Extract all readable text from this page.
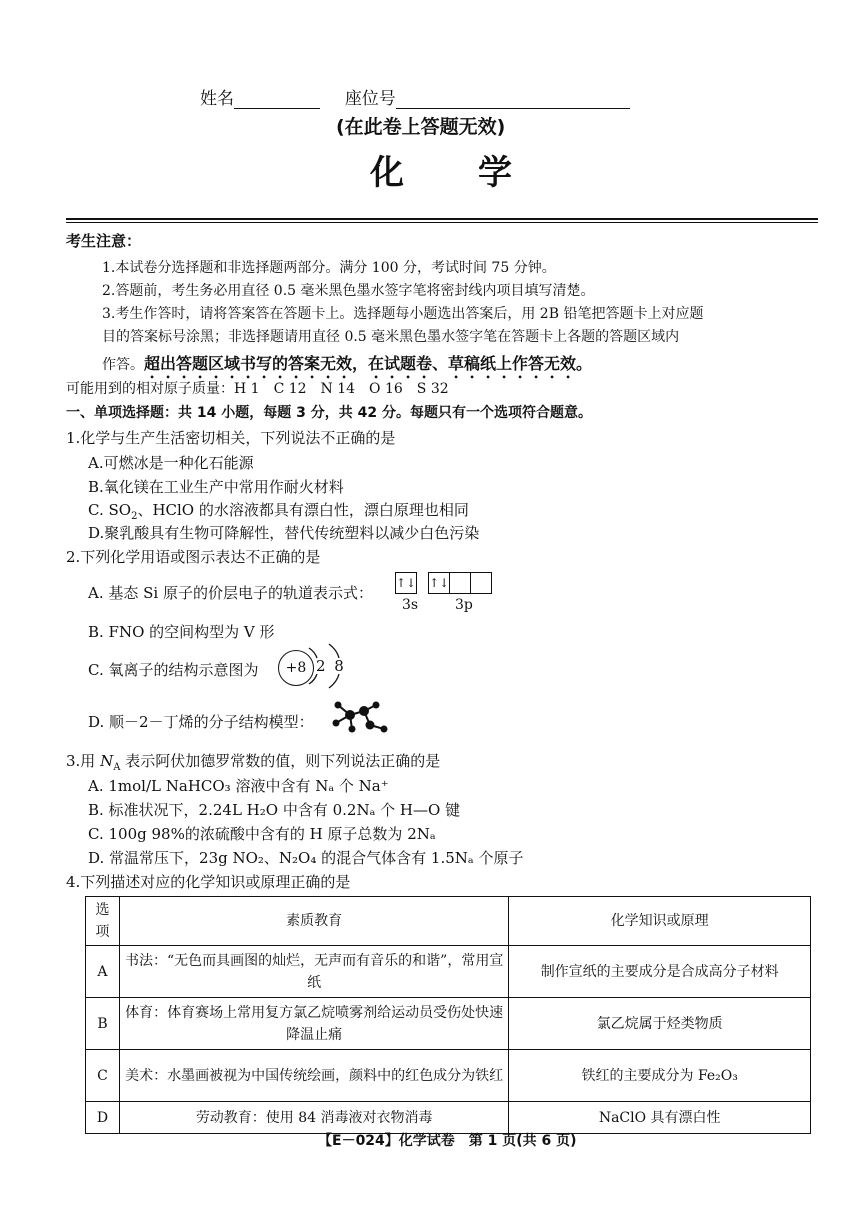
姓名	座位号
(在此卷上答题无效)
化　　学
考生注意：
1.本试卷分选择题和非选择题两部分。满分 100 分，考试时间 75 分钟。
2.答题前，考生务必用直径 0.5 毫米黑色墨水签字笔将密封线内项目填写清楚。
3.考生作答时，请将答案答在答题卡上。选择题每小题选出答案后，用 2B 铅笔把答题卡上对应题
目的答案标号涂黑；非选择题请用直径 0.5 毫米黑色墨水签字笔在答题卡上各题的答题区域内
作答。超出答题区域书写的答案无效，在试题卷、草稿纸上作答无效。
可能用到的相对原子质量：H 1　C 12　N 14　O 16　S 32
一、单项选择题：共 14 小题，每题 3 分，共 42 分。每题只有一个选项符合题意。
1.化学与生产生活密切相关，下列说法不正确的是
A.可燃冰是一种化石能源
B.氧化镁在工业生产中常用作耐火材料
C. $SO_2$、HClO 的水溶液都具有漂白性，漂白原理也相同
D.聚乳酸具有生物可降解性，替代传统塑料以减少白色污染
2.下列化学用语或图示表达不正确的是
A. 基态 Si 原子的价层电子的轨道表示式：
↑↓ ↑↓
3s	3p
B. FNO 的空间构型为 V 形
C. 氧离子的结构示意图为	+8 2 8
D. 顺－2－丁烯的分子结构模型：
3.用 $N_A$ 表示阿伏加德罗常数的值，则下列说法正确的是
A. 1mol/L NaHCO₃ 溶液中含有 Nₐ 个 Na⁺
B. 标准状况下，2.24L H₂O 中含有 0.2Nₐ 个 H—O 键
C. 100g 98%的浓硫酸中含有的 H 原子总数为 2Nₐ
D. 常温常压下，23g NO₂、N₂O₄ 的混合气体含有 1.5Nₐ 个原子
4.下列描述对应的化学知识或原理正确的是
选项	素质教育	化学知识或原理
A	书法：“无色而具画图的灿烂，无声而有音乐的和谐”，常用宣纸	制作宣纸的主要成分是合成高分子材料
B	体育：体育赛场上常用复方氯乙烷喷雾剂给运动员受伤处快速降温止痛	氯乙烷属于烃类物质
C	美术：水墨画被视为中国传统绘画，颜料中的红色成分为铁红	铁红的主要成分为 Fe₂O₃
D	劳动教育：使用 84 消毒液对衣物消毒	NaClO 具有漂白性
【E－024】化学试卷　第 1 页(共 6 页)
